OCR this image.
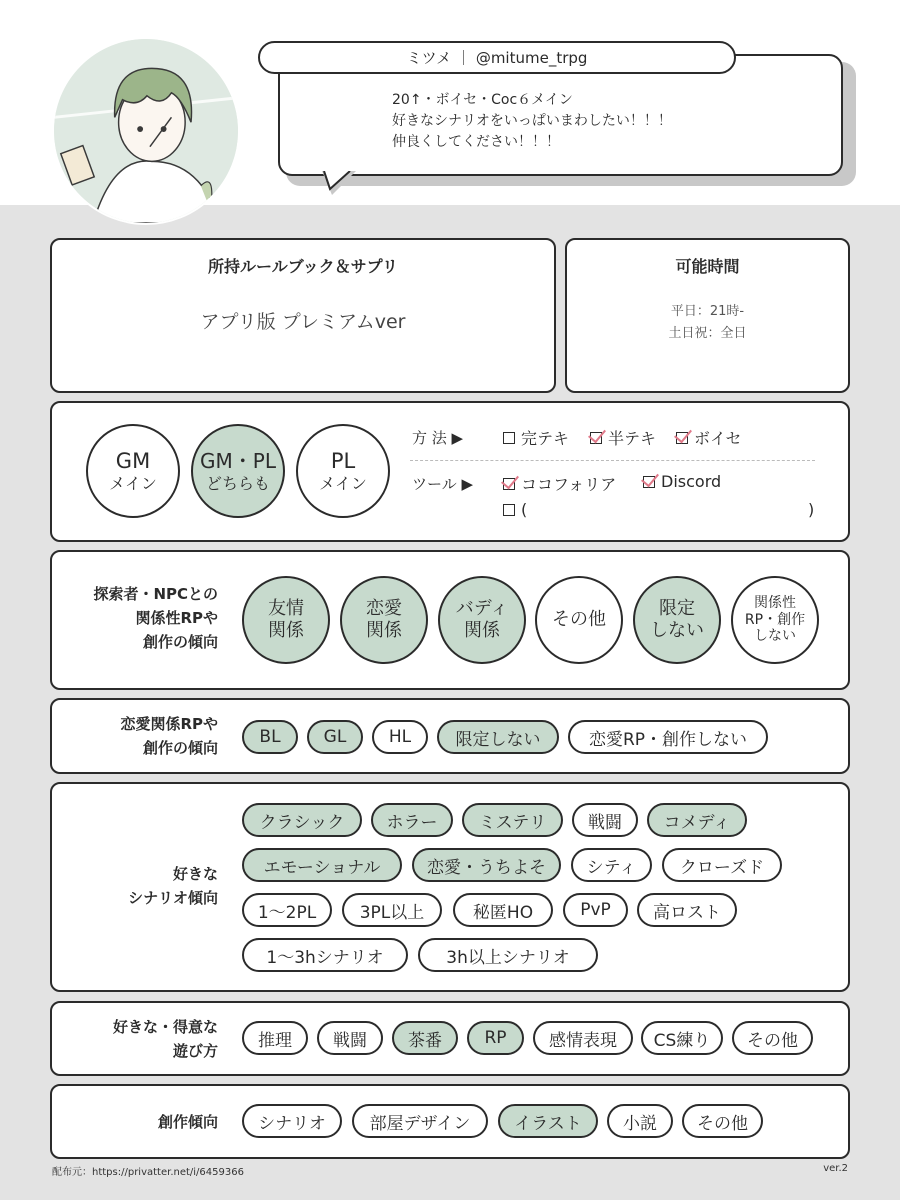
ミツメ ｜ @mitume_trpg
20↑・ボイセ・Coc６メイン
好きなシナリオをいっぱいまわしたい！！！
仲良くしてください！！！
所持ルールブック＆サプリ
アプリ版 プレミアムver
可能時間
平日：21時-
土日祝：全日
GM
メイン
GM・PL
どちらも
PL
メイン
方 法 ▶	完テキ 半テキ ボイセ
ツール ▶	ココフォリア	Discord
(	)
探索者・NPCとの
関係性RPや
創作の傾向
友情
関係
恋愛
関係
バディ
関係
その他
限定
しない
関係性
RP・創作
しない
恋愛関係RPや
創作の傾向
BL	GL	HL	限定しない	恋愛RP・創作しない
好きな
シナリオ傾向
クラシック ホラー ミステリ 戦闘 コメディ
エモーショナル	恋愛・うちよそ シティ	クローズド
1〜2PL	3PL以上	秘匿HO	PvP 高ロスト
1〜3hシナリオ	3h以上シナリオ
好きな・得意な
遊び方
推理 戦闘 茶番 RP 感情表現 CS練り その他
創作傾向 シナリオ	部屋デザイン	イラスト 小説 その他
配布元：https://privatter.net/i/6459366	ver.2
